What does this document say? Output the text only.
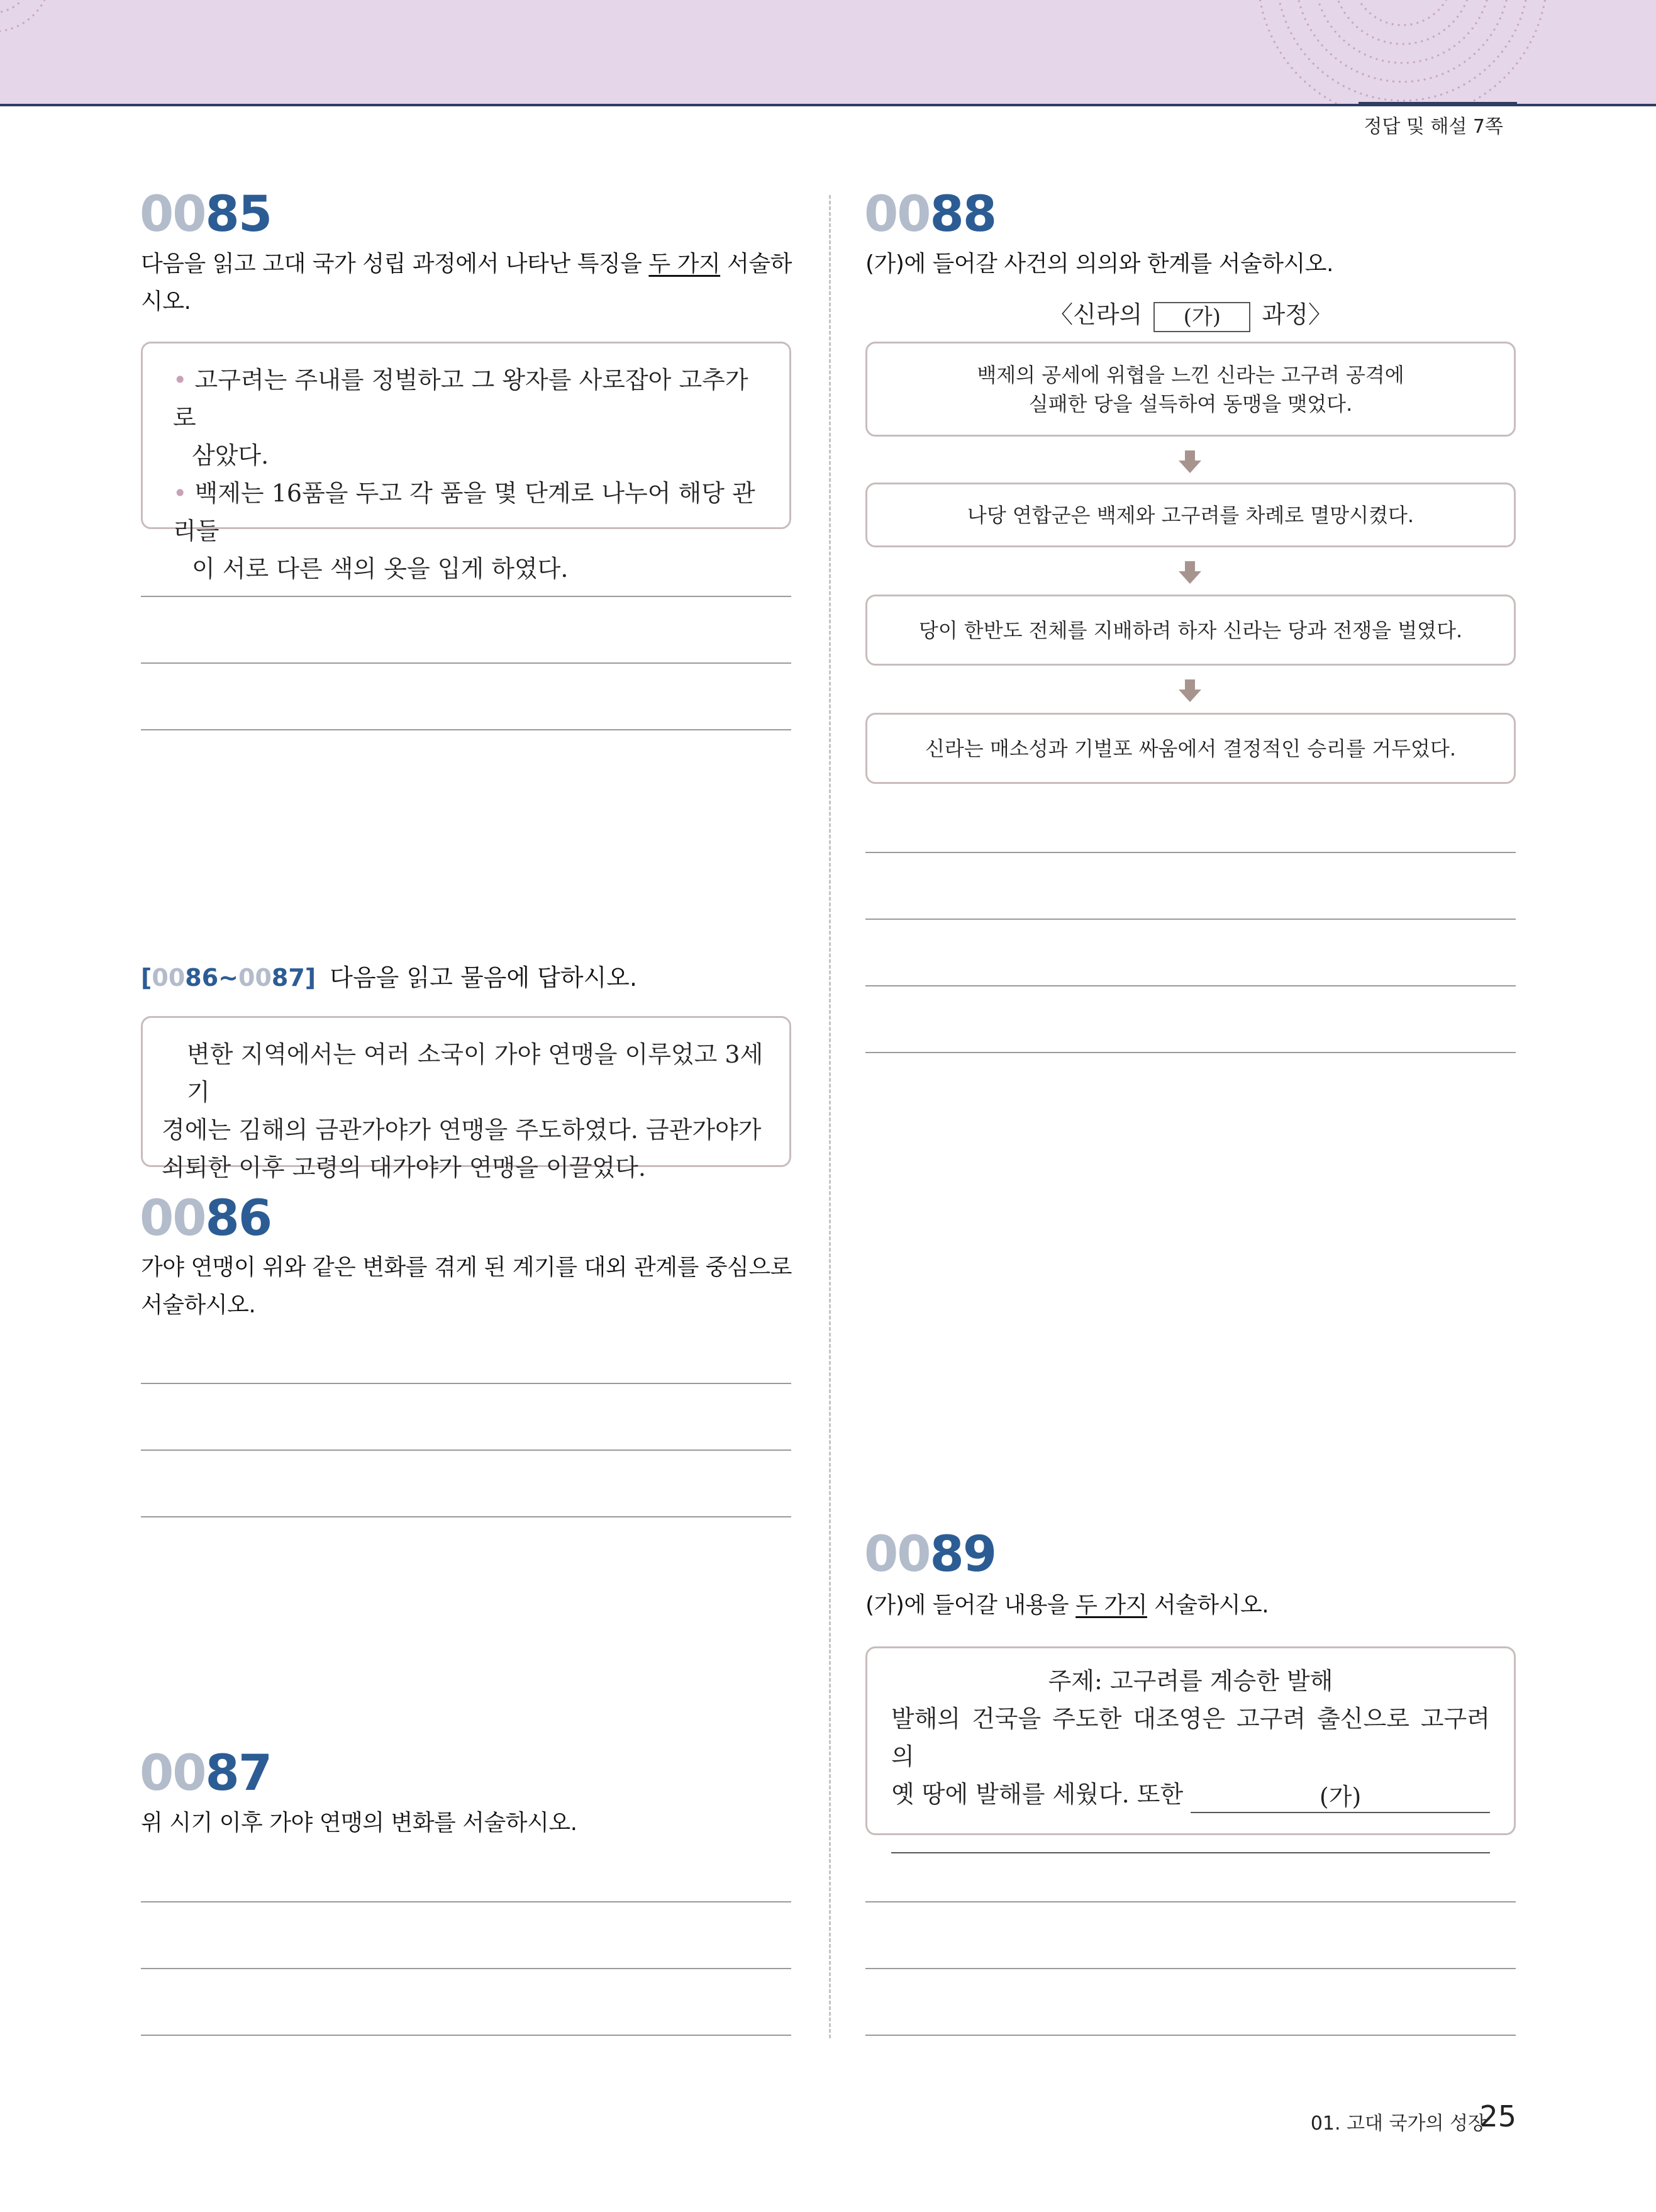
정답 및 해설 7쪽
0085
다음을 읽고 고대 국가 성립 과정에서 나타난 특징을 두 가지 서술하
시오.
• 고구려는 주내를 정벌하고 그 왕자를 사로잡아 고추가로
삼았다.
• 백제는 16품을 두고 각 품을 몇 단계로 나누어 해당 관리들
이 서로 다른 색의 옷을 입게 하였다.
[0086~0087] 다음을 읽고 물음에 답하시오.
변한 지역에서는 여러 소국이 가야 연맹을 이루었고 3세기
경에는 김해의 금관가야가 연맹을 주도하였다. 금관가야가
쇠퇴한 이후 고령의 대가야가 연맹을 이끌었다.
0086
가야 연맹이 위와 같은 변화를 겪게 된 계기를 대외 관계를 중심으로
서술하시오.
0087
위 시기 이후 가야 연맹의 변화를 서술하시오.
0088
(가)에 들어갈 사건의 의의와 한계를 서술하시오.
〈신라의 (가) 과정〉
백제의 공세에 위협을 느낀 신라는 고구려 공격에
실패한 당을 설득하여 동맹을 맺었다.
나당 연합군은 백제와 고구려를 차례로 멸망시켰다.
당이 한반도 전체를 지배하려 하자 신라는 당과 전쟁을 벌였다.
신라는 매소성과 기벌포 싸움에서 결정적인 승리를 거두었다.
0089
(가)에 들어갈 내용을 두 가지 서술하시오.
주제: 고구려를 계승한 발해
발해의 건국을 주도한 대조영은 고구려 출신으로 고구려의
옛 땅에 발해를 세웠다. 또한	(가)
01. 고대 국가의 성장
25
